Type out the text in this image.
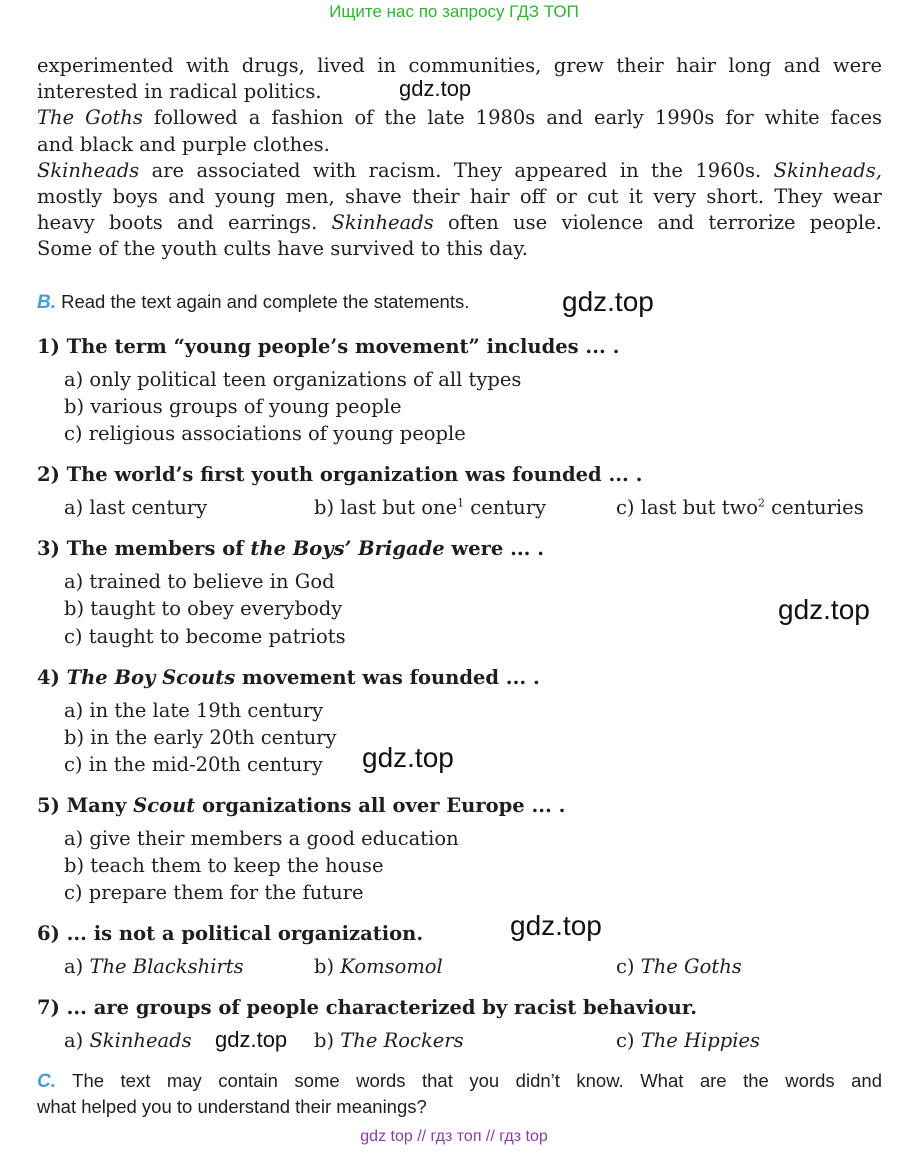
Ищите нас по запросу ГДЗ ТОП

experimented with drugs, lived in communities, grew their hair long and were

interested in radical politics.

The Goths followed a fashion of the late 1980s and early 1990s for white faces

and black and purple clothes.

Skinheads are associated with racism. They appeared in the 1960s. Skinheads,

mostly boys and young men, shave their hair off or cut it very short. They wear

heavy boots and earrings. Skinheads often use violence and terrorize people.

Some of the youth cults have survived to this day.

gdz.top
gdz.top
gdz.top
gdz.top
gdz.top
gdz.top
B. Read the text again and complete the statements.
1) The term “young people’s movement” includes ... .
a) only political teen organizations of all types
b) various groups of young people
c) religious associations of young people
2) The world’s first youth organization was founded ... .
a) last century	b) last but one$^1$ century	c) last but two$^2$ centuries
3) The members of the Boys’ Brigade were ... .
a) trained to believe in God
b) taught to obey everybody
c) taught to become patriots
4) The Boy Scouts movement was founded ... .
a) in the late 19th century
b) in the early 20th century
c) in the mid-20th century
5) Many Scout organizations all over Europe ... .
a) give their members a good education
b) teach them to keep the house
c) prepare them for the future
6) ... is not a political organization.
a) The Blackshirts	b) Komsomol	c) The Goths
7) ... are groups of people characterized by racist behaviour.
a) Skinheads	b) The Rockers	c) The Hippies

C. The text may contain some words that you didn’t know. What are the words and

what helped you to understand their meanings?

gdz top // гдз топ // гдз top
